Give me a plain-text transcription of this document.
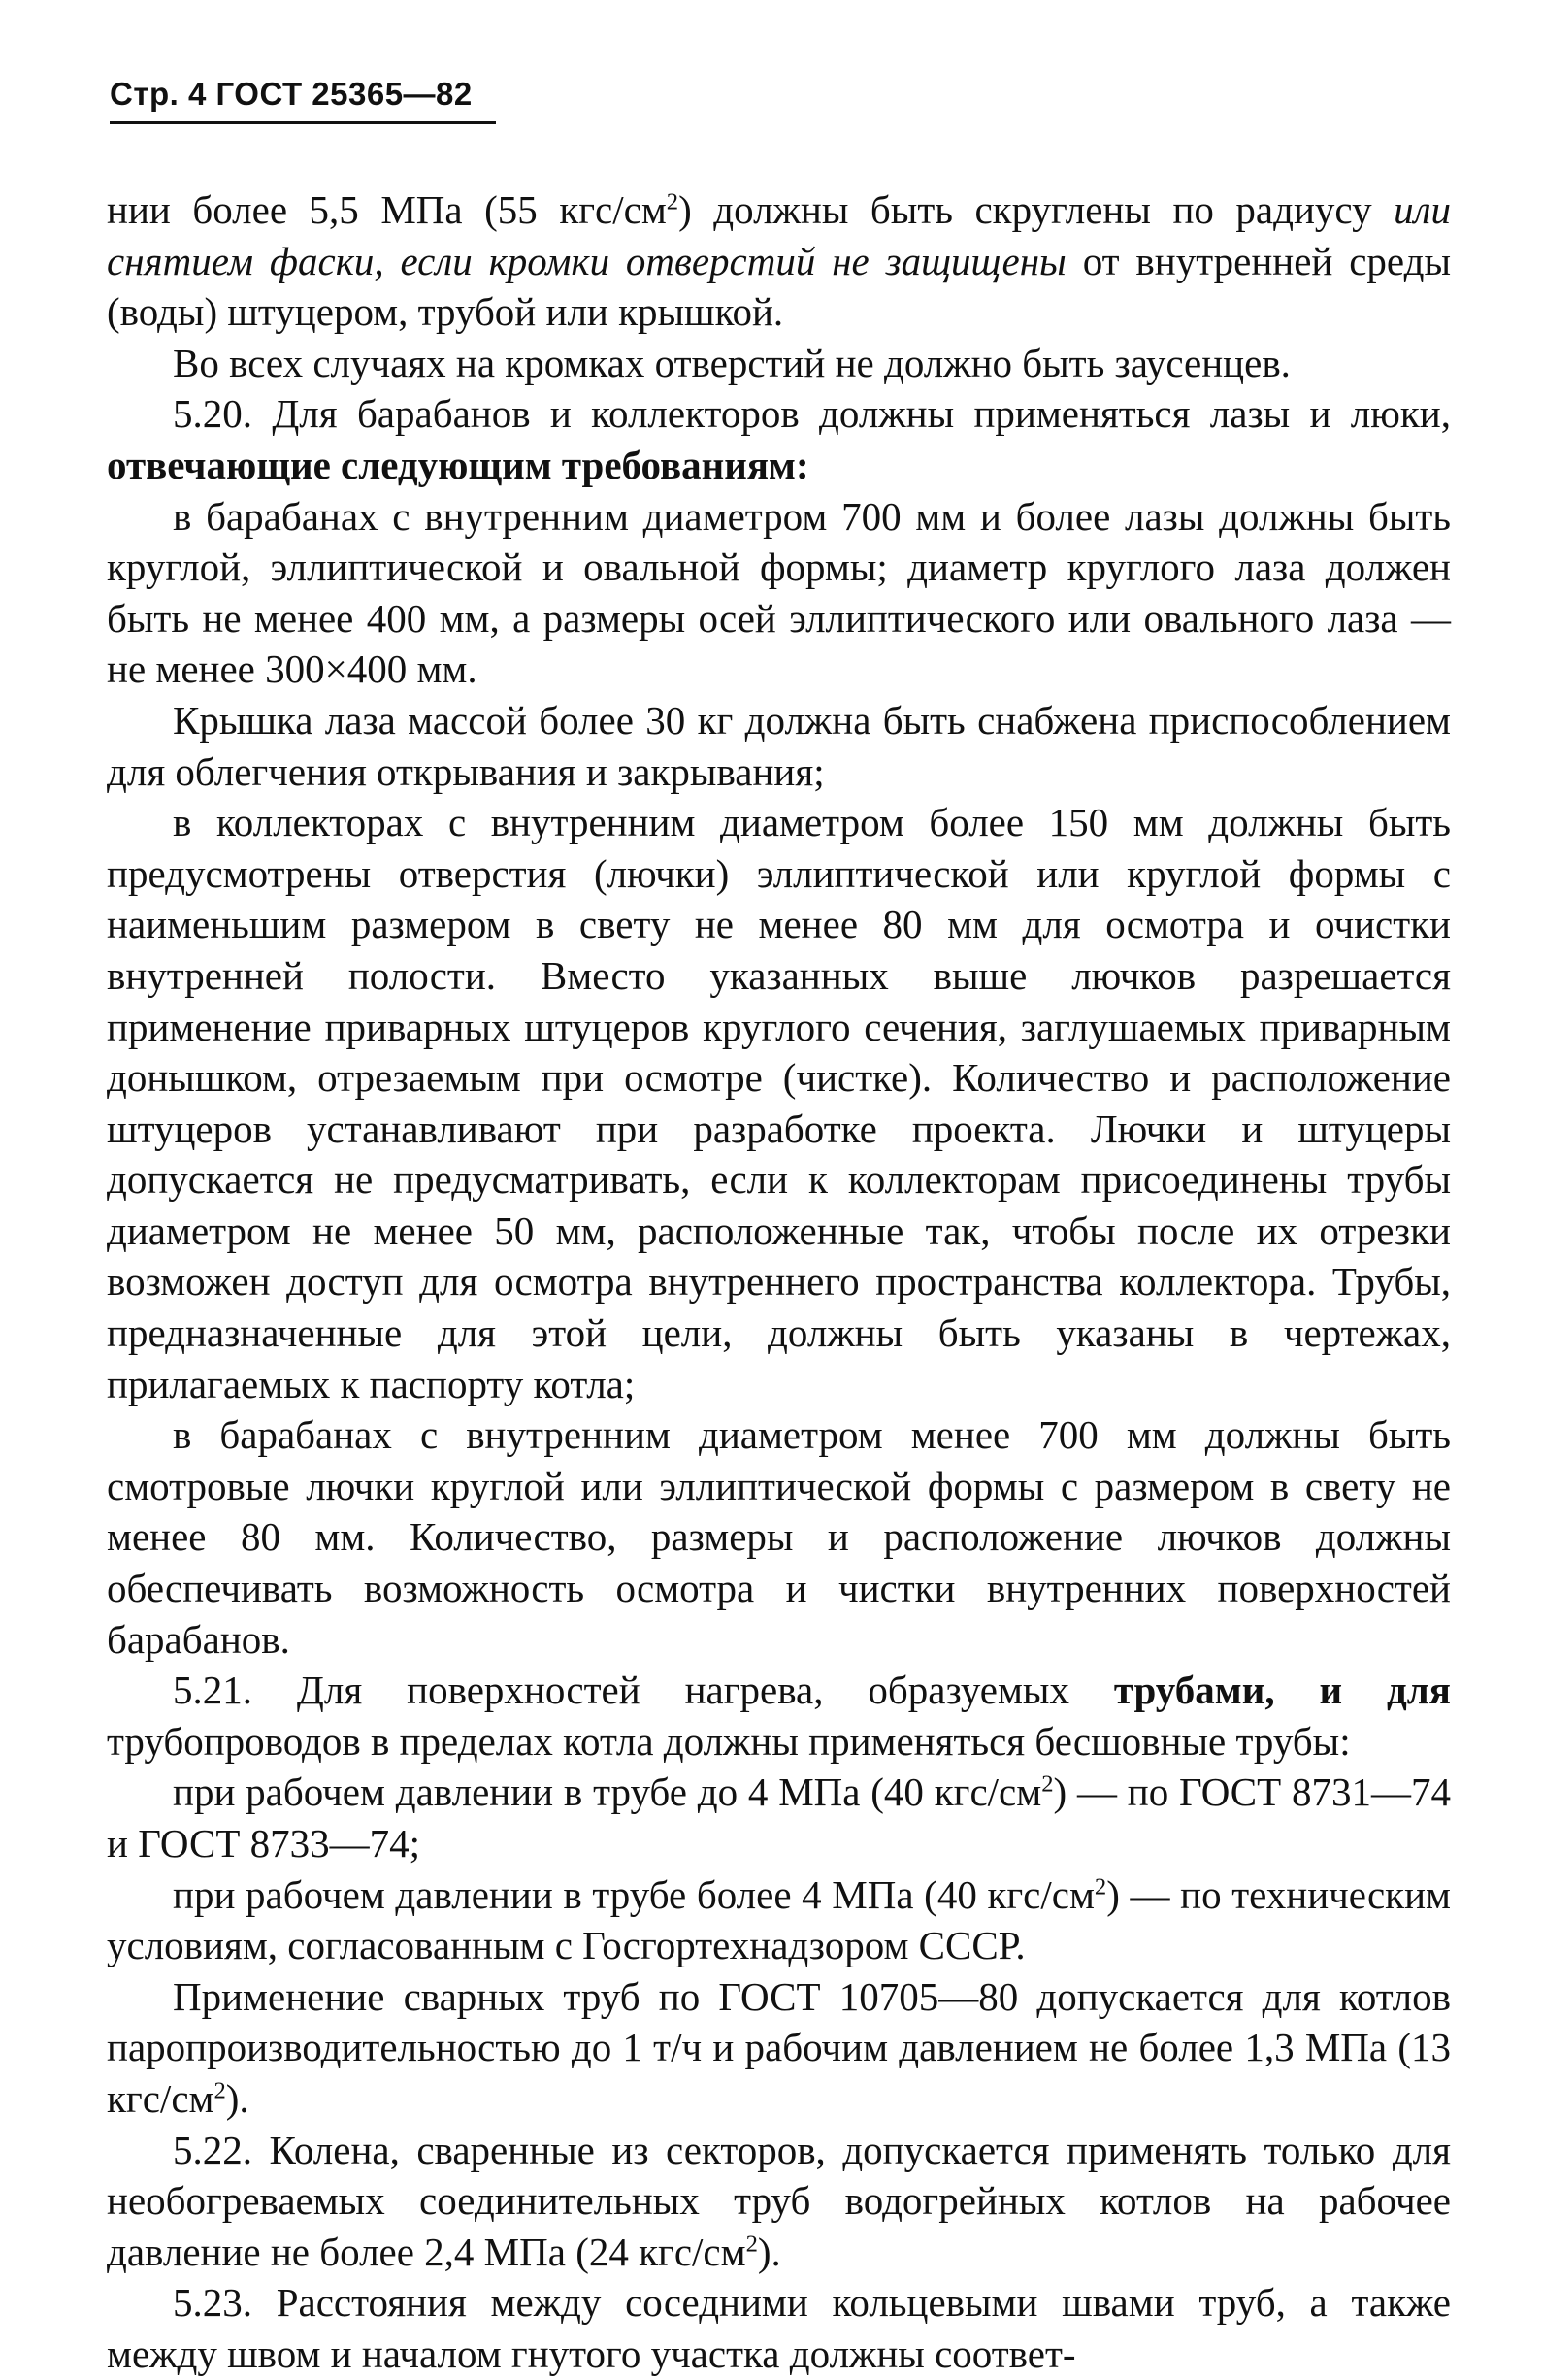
Стр. 4 ГОСТ 25365—82

нии более 5,5 МПа (55 кгс/$см^2$) должны быть скруглены по радиусу или снятием фаски, если кромки отверстий не защищены от внутренней среды (воды) штуцером, трубой или крышкой.

Во всех случаях на кромках отверстий не должно быть заусенцев.

5.20. Для барабанов и коллекторов должны применяться лазы и люки, отвечающие следующим требованиям:

в барабанах с внутренним диаметром 700 мм и более лазы должны быть круглой, эллиптической и овальной формы; диаметр круглого лаза должен быть не менее 400 мм, а размеры осей эллиптического или овального лаза — не менее 300×400 мм.

Крышка лаза массой более 30 кг должна быть снабжена приспособлением для облегчения открывания и закрывания;

в коллекторах с внутренним диаметром более 150 мм должны быть предусмотрены отверстия (лючки) эллиптической или круглой формы с наименьшим размером в свету не менее 80 мм для осмотра и очистки внутренней полости. Вместо указанных выше лючков разрешается применение приварных штуцеров круглого сечения, заглушаемых приварным донышком, отрезаемым при осмотре (чистке). Количество и расположение штуцеров устанавливают при разработке проекта. Лючки и штуцеры допускается не предусматривать, если к коллекторам присоединены трубы диаметром не менее 50 мм, расположенные так, чтобы после их отрезки возможен доступ для осмотра внутреннего пространства коллектора. Трубы, предназначенные для этой цели, должны быть указаны в чертежах, прилагаемых к паспорту котла;

в барабанах с внутренним диаметром менее 700 мм должны быть смотровые лючки круглой или эллиптической формы с размером в свету не менее 80 мм. Количество, размеры и расположение лючков должны обеспечивать возможность осмотра и чистки внутренних поверхностей барабанов.

5.21. Для поверхностей нагрева, образуемых трубами, и для трубопроводов в пределах котла должны применяться бесшовные трубы:

при рабочем давлении в трубе до 4 МПа (40 кгс/$см^2$) — по ГОСТ 8731—74 и ГОСТ 8733—74;

при рабочем давлении в трубе более 4 МПа (40 кгс/$см^2$) — по техническим условиям, согласованным с Госгортехнадзором СССР.

Применение сварных труб по ГОСТ 10705—80 допускается для котлов паропроизводительностью до 1 т/ч и рабочим давлением не более 1,3 МПа (13 кгс/$см^2$).

5.22. Колена, сваренные из секторов, допускается применять только для необогреваемых соединительных труб водогрейных котлов на рабочее давление не более 2,4 МПа (24 кгс/$см^2$).

5.23. Расстояния между соседними кольцевыми швами труб, а также между швом и началом гнутого участка должны соответ-
